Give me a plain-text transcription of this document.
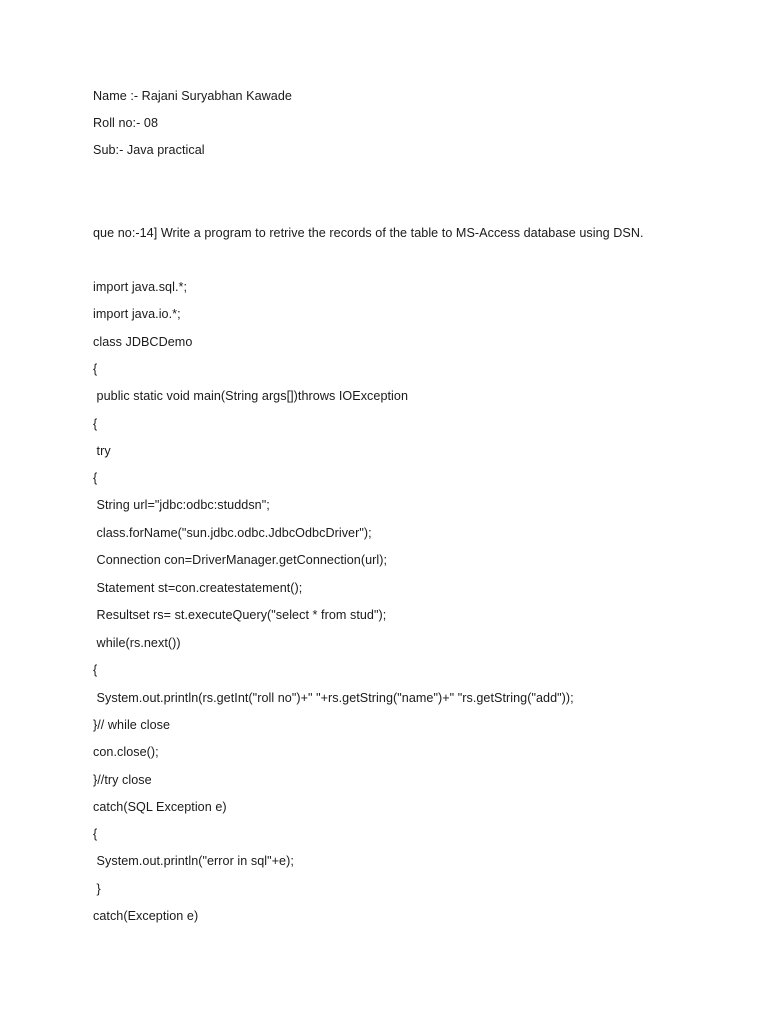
Name :- Rajani Suryabhan Kawade
Roll no:- 08
Sub:- Java practical
que no:-14] Write a program to retrive the records of the table to MS-Access database using DSN.
import java.sql.*;
import java.io.*;
class JDBCDemo
{
public static void main(String args[])throws IOException
{
try
{
String url="jdbc:odbc:studdsn";
class.forName("sun.jdbc.odbc.JdbcOdbcDriver");
Connection con=DriverManager.getConnection(url);
Statement st=con.createstatement();
Resultset rs= st.executeQuery("select * from stud");
while(rs.next())
{
System.out.println(rs.getInt("roll no")+" "+rs.getString("name")+" "rs.getString("add"));
}// while close
con.close();
}//try close
catch(SQL Exception e)
{
System.out.println("error in sql"+e);
}
catch(Exception e)
